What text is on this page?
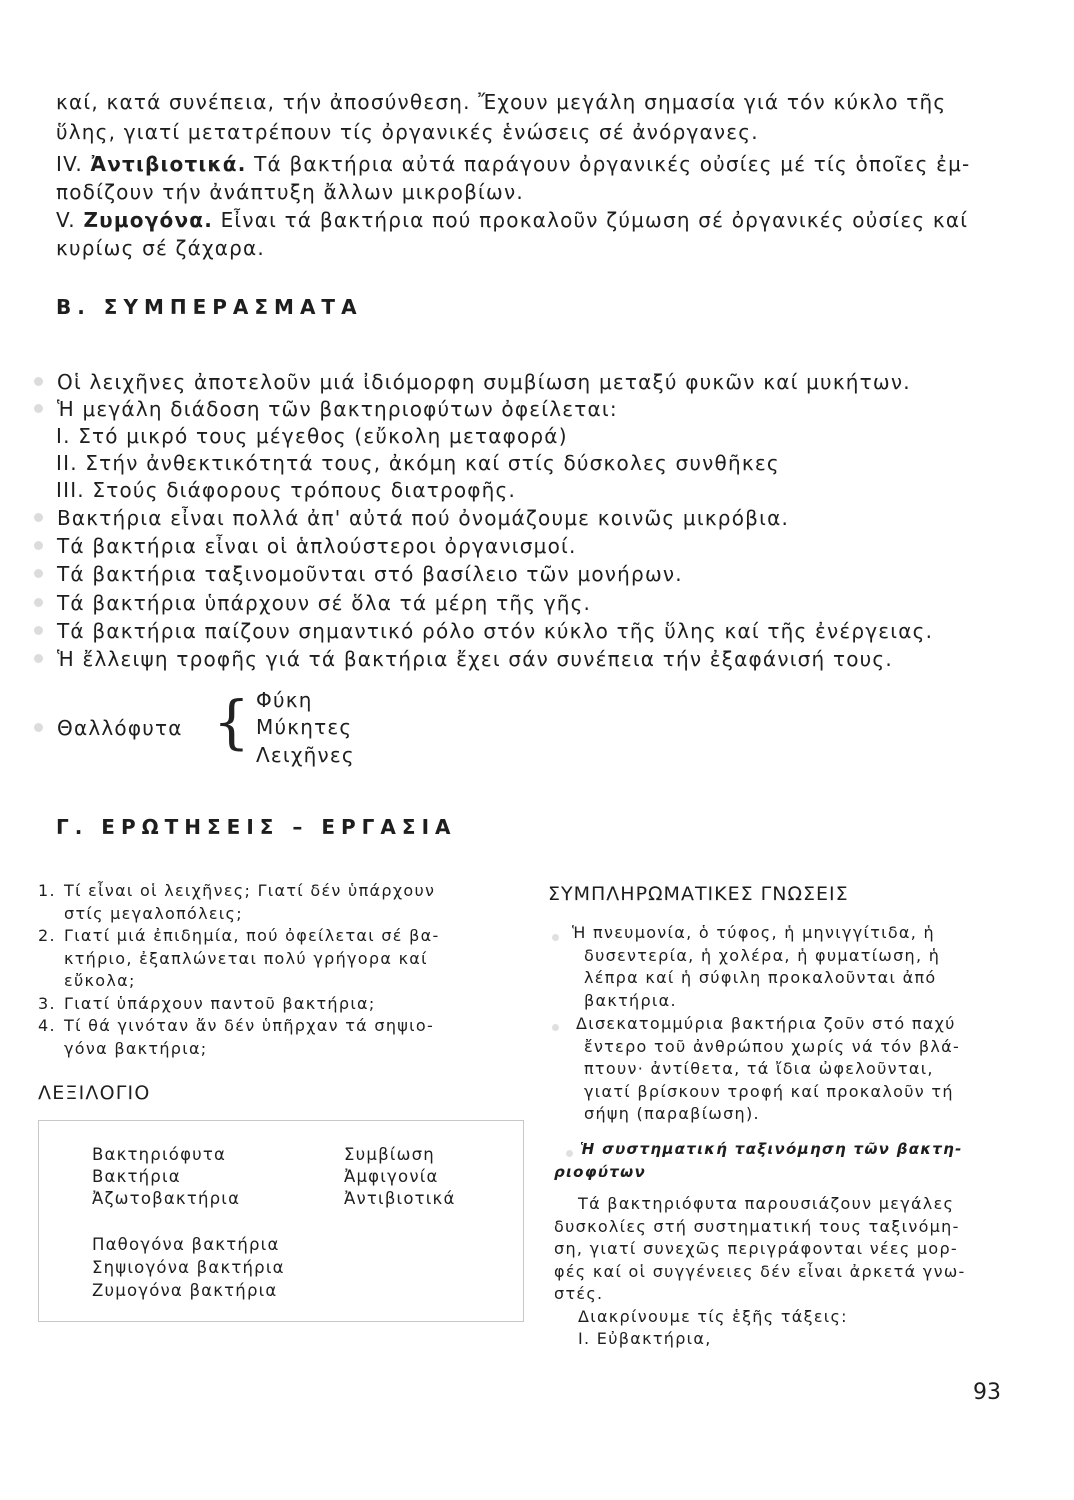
καί, κατά συνέπεια, τήν ἀποσύνθεση. Ἔχουν μεγάλη σημασία γιά τόν κύκλο τῆς
ὕλης, γιατί μετατρέπουν τίς ὀργανικές ἑνώσεις σέ ἀνόργανες.
IV. Ἀντιβιοτικά. Τά βακτήρια αὐτά παράγουν ὀργανικές οὐσίες μέ τίς ὁποῖες ἐμ-
ποδίζουν τήν ἀνάπτυξη ἄλλων μικροβίων.
V. Ζυμογόνα. Εἶναι τά βακτήρια πού προκαλοῦν ζύμωση σέ ὀργανικές οὐσίες καί
κυρίως σέ ζάχαρα.
Β. ΣΥΜΠΕΡΑΣΜΑΤΑ
Οἱ λειχῆνες ἀποτελοῦν μιά ἰδιόμορφη συμβίωση μεταξύ φυκῶν καί μυκήτων.
Ἡ μεγάλη διάδοση τῶν βακτηριοφύτων ὀφείλεται:
I. Στό μικρό τους μέγεθος (εὔκολη μεταφορά)
II. Στήν ἀνθεκτικότητά τους, ἀκόμη καί στίς δύσκολες συνθῆκες
III. Στούς διάφορους τρόπους διατροφῆς.
Βακτήρια εἶναι πολλά ἀπ' αὐτά πού ὀνομάζουμε κοινῶς μικρόβια.
Τά βακτήρια εἶναι οἱ ἁπλούστεροι ὀργανισμοί.
Τά βακτήρια ταξινομοῦνται στό βασίλειο τῶν μονήρων.
Τά βακτήρια ὑπάρχουν σέ ὅλα τά μέρη τῆς γῆς.
Τά βακτήρια παίζουν σημαντικό ρόλο στόν κύκλο τῆς ὕλης καί τῆς ἐνέργειας.
Ἡ ἔλλειψη τροφῆς γιά τά βακτήρια ἔχει σάν συνέπεια τήν ἐξαφάνισή τους.
Θαλλόφυτα { Φύκη
Μύκητες
Λειχῆνες
Γ. ΕΡΩΤΗΣΕΙΣ – ΕΡΓΑΣΙΑ
1. Τί εἶναι οἱ λειχῆνες; Γιατί δέν ὑπάρχουν
στίς μεγαλοπόλεις;
2. Γιατί μιά ἐπιδημία, πού ὀφείλεται σέ βα-
κτήριο, ἐξαπλώνεται πολύ γρήγορα καί
εὔκολα;
3. Γιατί ὑπάρχουν παντοῦ βακτήρια;
4. Τί θά γινόταν ἄν δέν ὑπῆρχαν τά σηψιο-
γόνα βακτήρια;
ΛΕΞΙΛΟΓΙΟ
Βακτηριόφυτα
Βακτήρια
Ἀζωτοβακτήρια
Συμβίωση
Ἀμφιγονία
Ἀντιβιοτικά
Παθογόνα βακτήρια
Σηψιογόνα βακτήρια
Ζυμογόνα βακτήρια
ΣΥΜΠΛΗΡΩΜΑΤΙΚΕΣ ΓΝΩΣΕΙΣ
Ἡ πνευμονία, ὁ τύφος, ἡ μηνιγγίτιδα, ἡ
δυσεντερία, ἡ χολέρα, ἡ φυματίωση, ἡ
λέπρα καί ἡ σύφιλη προκαλοῦνται ἀπό
βακτήρια.
Δισεκατομμύρια βακτήρια ζοῦν στό παχύ
ἔντερο τοῦ ἀνθρώπου χωρίς νά τόν βλά-
πτουν· ἀντίθετα, τά ἴδια ὠφελοῦνται,
γιατί βρίσκουν τροφή καί προκαλοῦν τή
σήψη (παραβίωση).
Ἡ συστηματική ταξινόμηση τῶν βακτη-
ριοφύτων
Τά βακτηριόφυτα παρουσιάζουν μεγάλες
δυσκολίες στή συστηματική τους ταξινόμη-
ση, γιατί συνεχῶς περιγράφονται νέες μορ-
φές καί οἱ συγγένειες δέν εἶναι ἀρκετά γνω-
στές.
Διακρίνουμε τίς ἑξῆς τάξεις:
I. Εὐβακτήρια,
93
